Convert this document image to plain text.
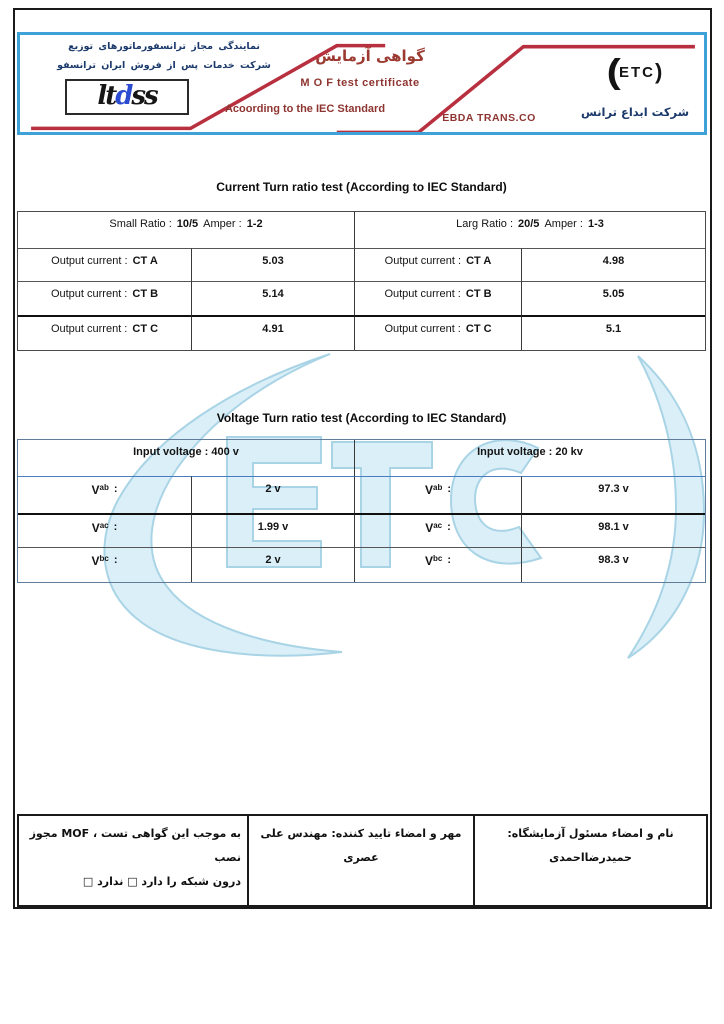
نمایندگی مجاز ترانسفورماتورهای توزیع
شرکت خدمات پس از فروش ایران ترانسفو
ltdss
گواهی آزمایش
M O F test certificate
Acoording to the IEC Standard
EBDA TRANS.CO
(ETC)
شرکت ابداع ترانس
Current Turn ratio test (According to IEC Standard)
Small Ratio : 10/5 Amper : 1-2	Larg Ratio : 20/5 Amper : 1-3
Output current : CT A	5.03	Output current : CT A	4.98
Output current : CT B	5.14	Output current : CT B	5.05
Output current : CT C	4.91	Output current : CT C	5.1
Voltage Turn ratio test (According to IEC Standard)
Input voltage : 400 v	Input voltage : 20 kv
$V^{ab}$ :	2 v	$V^{ab}$ :	97.3 v
$V^{ac}$ :	1.99 v	$V^{ac}$ :	98.1 v
$V^{bc}$ :	2 v	$V^{bc}$ :	98.3 v
به موجب این گواهی تست ، MOF مجوز نصب
درون شبکه را دارد □ ندارد □
مهر و امضاء تایید کننده: مهندس علی عصری
نام و امضاء مسئول آزمایشگاه: حمیدرضااحمدی
